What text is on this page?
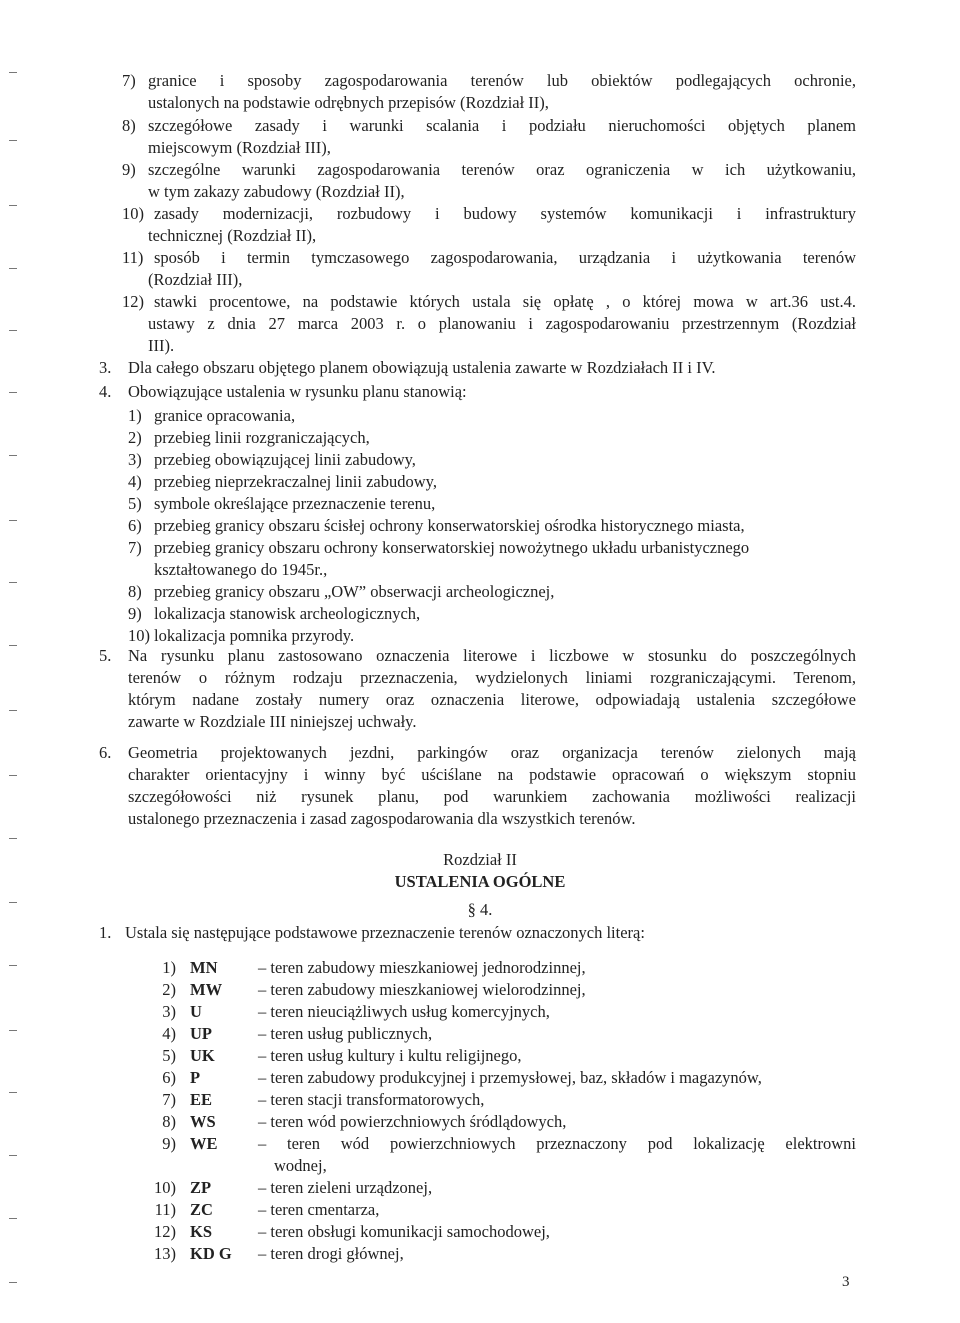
7) granice i sposoby zagospodarowania terenów lub obiektów podlegających ochronie,
ustalonych na podstawie odrębnych przepisów (Rozdział II),
8) szczegółowe zasady i warunki scalania i podziału nieruchomości objętych planem
miejscowym (Rozdział III),
9) szczególne warunki zagospodarowania terenów oraz ograniczenia w ich użytkowaniu,
w tym zakazy zabudowy (Rozdział II),
10) zasady modernizacji, rozbudowy i budowy systemów komunikacji i infrastruktury
technicznej (Rozdział II),
11) sposób i termin tymczasowego zagospodarowania, urządzania i użytkowania terenów
(Rozdział III),
12) stawki procentowe, na podstawie których ustala się opłatę , o której mowa w art.36 ust.4.
ustawy z dnia 27 marca 2003 r. o planowaniu i zagospodarowaniu przestrzennym (Rozdział
III).
3. Dla całego obszaru objętego planem obowiązują ustalenia zawarte w Rozdziałach II i IV.
4. Obowiązujące ustalenia w rysunku planu stanowią:
1) granice opracowania,
2) przebieg linii rozgraniczających,
3) przebieg obowiązującej linii zabudowy,
4) przebieg nieprzekraczalnej linii zabudowy,
5) symbole określające przeznaczenie terenu,
6) przebieg granicy obszaru ścisłej ochrony konserwatorskiej ośrodka historycznego miasta,
7) przebieg granicy obszaru ochrony konserwatorskiej nowożytnego układu urbanistycznego
kształtowanego do 1945r.,
8) przebieg granicy obszaru „OW” obserwacji archeologicznej,
9) lokalizacja stanowisk archeologicznych,
10) lokalizacja pomnika przyrody.
5. Na rysunku planu zastosowano oznaczenia literowe i liczbowe w stosunku do poszczególnych
terenów o różnym rodzaju przeznaczenia, wydzielonych liniami rozgraniczającymi. Terenom,
którym nadane zostały numery oraz oznaczenia literowe, odpowiadają ustalenia szczegółowe
zawarte w Rozdziale III niniejszej uchwały.
6. Geometria projektowanych jezdni, parkingów oraz organizacja terenów zielonych mają
charakter orientacyjny i winny być uściślane na podstawie opracowań o większym stopniu
szczegółowości niż rysunek planu, pod warunkiem zachowania możliwości realizacji
ustalonego przeznaczenia i zasad zagospodarowania dla wszystkich terenów.
Rozdział II
USTALENIA OGÓLNE
§ 4.
1. Ustala się następujące podstawowe przeznaczenie terenów oznaczonych literą:
1) MN – teren zabudowy mieszkaniowej jednorodzinnej,
2) MW – teren zabudowy mieszkaniowej wielorodzinnej,
3) U	– teren nieuciążliwych usług komercyjnych,
4) UP	– teren usług publicznych,
5) UK	– teren usług kultury i kultu religijnego,
6) P	– teren zabudowy produkcyjnej i przemysłowej, baz, składów i magazynów,
7) EE	– teren stacji transformatorowych,
8) WS	– teren wód powierzchniowych śródlądowych,
9) WE – teren wód powierzchniowych przeznaczony pod lokalizację elektrowni
wodnej,
10) ZP	– teren zieleni urządzonej,
11) ZC	– teren cmentarza,
12) KS	– teren obsługi komunikacji samochodowej,
13) KD G – teren drogi głównej,
3
